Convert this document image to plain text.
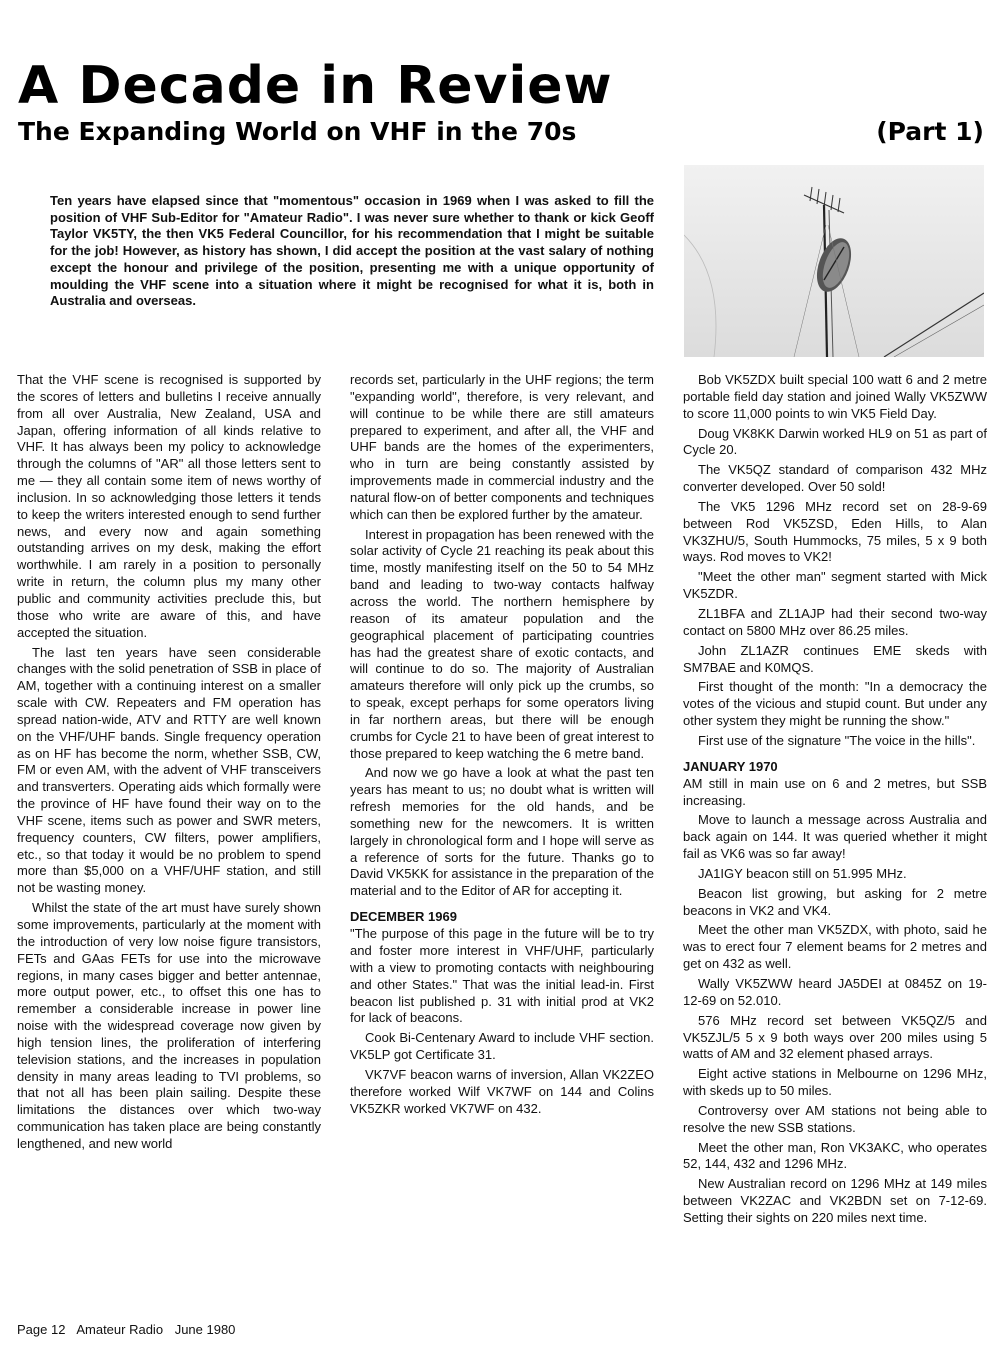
A Decade in Review
The Expanding World on VHF in the 70s	(Part 1)

Ten years have elapsed since that "momentous" occasion in 1969 when I was asked to fill the position of VHF Sub-Editor for "Amateur Radio". I was never sure whether to thank or kick Geoff Taylor VK5TY, the then VK5 Federal Councillor, for his recommendation that I might be suitable for the job! However, as history has shown, I did accept the position at the vast salary of nothing except the honour and privilege of the position, presenting me with a unique opportunity of moulding the VHF scene into a situation where it might be recognised for what it is, both in Australia and overseas.

That the VHF scene is recognised is supported by the scores of letters and bulletins I receive annually from all over Australia, New Zealand, USA and Japan, offering information of all kinds relative to VHF. It has always been my policy to acknowledge through the columns of "AR" all those letters sent to me — they all contain some item of news worthy of inclusion. In so acknowledging those letters it tends to keep the writers interested enough to send further news, and every now and again something outstanding arrives on my desk, making the effort worthwhile. I am rarely in a position to personally write in return, the column plus my many other public and community activities preclude this, but those who write are aware of this, and have accepted the situation.

The last ten years have seen considerable changes with the solid penetration of SSB in place of AM, together with a continuing interest on a smaller scale with CW. Repeaters and FM operation has spread nation-wide, ATV and RTTY are well known on the VHF/UHF bands. Single frequency operation as on HF has become the norm, whether SSB, CW, FM or even AM, with the advent of VHF transceivers and transverters. Operating aids which formally were the province of HF have found their way on to the VHF scene, items such as power and SWR meters, frequency counters, CW filters, power amplifiers, etc., so that today it would be no problem to spend more than $5,000 on a VHF/UHF station, and still not be wasting money.

Whilst the state of the art must have surely shown some improvements, particularly at the moment with the introduction of very low noise figure transistors, FETs and GAas FETs for use into the microwave regions, in many cases bigger and better antennae, more output power, etc., to offset this one has to remember a considerable increase in power line noise with the widespread coverage now given by high tension lines, the proliferation of interfering television stations, and the increases in population density in many areas leading to TVI problems, so that not all has been plain sailing. Despite these limitations the distances over which two-way communication has taken place are being constantly lengthened, and new world

records set, particularly in the UHF regions; the term "expanding world", therefore, is very relevant, and will continue to be while there are still amateurs prepared to experiment, and after all, the VHF and UHF bands are the homes of the experimenters, who in turn are being constantly assisted by improvements made in commercial industry and the natural flow-on of better components and techniques which can then be explored further by the amateur.

Interest in propagation has been renewed with the solar activity of Cycle 21 reaching its peak about this time, mostly manifesting itself on the 50 to 54 MHz band and leading to two-way contacts halfway across the world. The northern hemisphere by reason of its amateur population and the geographical placement of participating countries has had the greatest share of exotic contacts, and will continue to do so. The majority of Australian amateurs therefore will only pick up the crumbs, so to speak, except perhaps for some operators living in far northern areas, but there will be enough crumbs for Cycle 21 to have been of great interest to those prepared to keep watching the 6 metre band.

And now we go have a look at what the past ten years has meant to us; no doubt what is written will refresh memories for the old hands, and be something new for the newcomers. It is written largely in chronological form and I hope will serve as a reference of sorts for the future. Thanks go to David VK5KK for assistance in the preparation of the material and to the Editor of AR for accepting it.

DECEMBER 1969

"The purpose of this page in the future will be to try and foster more interest in VHF/UHF, particularly with a view to promoting contacts with neighbouring and other States." That was the initial lead-in. First beacon list published p. 31 with initial prod at VK2 for lack of beacons.

Cook Bi-Centenary Award to include VHF section. VK5LP got Certificate 31.

VK7VF beacon warns of inversion, Allan VK2ZEO therefore worked Wilf VK7WF on 144 and Colins VK5ZKR worked VK7WF on 432.

Bob VK5ZDX built special 100 watt 6 and 2 metre portable field day station and joined Wally VK5ZWW to score 11,000 points to win VK5 Field Day.

Doug VK8KK Darwin worked HL9 on 51 as part of Cycle 20.

The VK5QZ standard of comparison 432 MHz converter developed. Over 50 sold!

The VK5 1296 MHz record set on 28-9-69 between Rod VK5ZSD, Eden Hills, to Alan VK3ZHU/5, South Hummocks, 75 miles, 5 x 9 both ways. Rod moves to VK2!

"Meet the other man" segment started with Mick VK5ZDR.

ZL1BFA and ZL1AJP had their second two-way contact on 5800 MHz over 86.25 miles.

John ZL1AZR continues EME skeds with SM7BAE and K0MQS.

First thought of the month: "In a democracy the votes of the vicious and stupid count. But under any other system they might be running the show."

First use of the signature "The voice in the hills".

JANUARY 1970

AM still in main use on 6 and 2 metres, but SSB increasing.

Move to launch a message across Australia and back again on 144. It was queried whether it might fail as VK6 was so far away!

JA1IGY beacon still on 51.995 MHz.

Beacon list growing, but asking for 2 metre beacons in VK2 and VK4.

Meet the other man VK5ZDX, with photo, said he was to erect four 7 element beams for 2 metres and get on 432 as well.

Wally VK5ZWW heard JA5DEI at 0845Z on 19-12-69 on 52.010.

576 MHz record set between VK5QZ/5 and VK5ZJL/5 5 x 9 both ways over 200 miles using 5 watts of AM and 32 element phased arrays.

Eight active stations in Melbourne on 1296 MHz, with skeds up to 50 miles.

Controversy over AM stations not being able to resolve the new SSB stations.

Meet the other man, Ron VK3AKC, who operates 52, 144, 432 and 1296 MHz.

New Australian record on 1296 MHz at 149 miles between VK2ZAC and VK2BDN set on 7-12-69. Setting their sights on 220 miles next time.

Page 12 Amateur Radio June 1980
